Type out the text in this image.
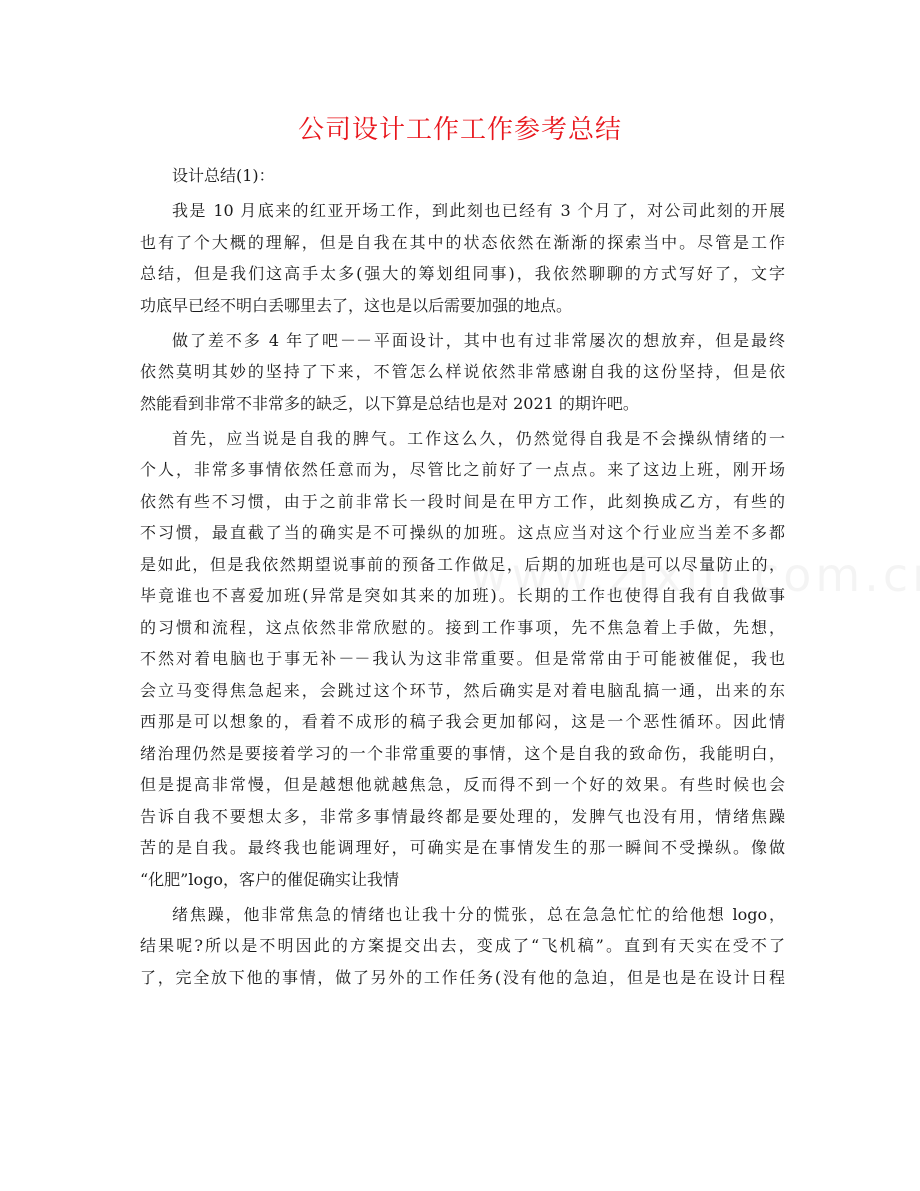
公司设计工作工作参考总结
设计总结(1)：
我是 10 月底来的红亚开场工作，到此刻也已经有 3 个月了，对公司此刻的开展
也有了个大概的理解，但是自我在其中的状态依然在渐渐的探索当中。尽管是工作
总结，但是我们这高手太多(强大的筹划组同事)，我依然聊聊的方式写好了，文字
功底早已经不明白丢哪里去了，这也是以后需要加强的地点。
做了差不多 4 年了吧－－平面设计，其中也有过非常屡次的想放弃，但是最终
依然莫明其妙的坚持了下来，不管怎么样说依然非常感谢自我的这份坚持，但是依
然能看到非常不非常多的缺乏，以下算是总结也是对 2021 的期许吧。
首先，应当说是自我的脾气。工作这么久，仍然觉得自我是不会操纵情绪的一
个人，非常多事情依然任意而为，尽管比之前好了一点点。来了这边上班，刚开场
依然有些不习惯，由于之前非常长一段时间是在甲方工作，此刻换成乙方，有些的
不习惯，最直截了当的确实是不可操纵的加班。这点应当对这个行业应当差不多都
是如此，但是我依然期望说事前的预备工作做足，后期的加班也是可以尽量防止的，
毕竟谁也不喜爱加班(异常是突如其来的加班)。长期的工作也使得自我有自我做事
的习惯和流程，这点依然非常欣慰的。接到工作事项，先不焦急着上手做，先想，
不然对着电脑也于事无补－－我认为这非常重要。但是常常由于可能被催促，我也
会立马变得焦急起来，会跳过这个环节，然后确实是对着电脑乱搞一通，出来的东
西那是可以想象的，看着不成形的稿子我会更加郁闷，这是一个恶性循环。因此情
绪治理仍然是要接着学习的一个非常重要的事情，这个是自我的致命伤，我能明白，
但是提高非常慢，但是越想他就越焦急，反而得不到一个好的效果。有些时候也会
告诉自我不要想太多，非常多事情最终都是要处理的，发脾气也没有用，情绪焦躁
苦的是自我。最终我也能调理好，可确实是在事情发生的那一瞬间不受操纵。像做
“化肥”logo，客户的催促确实让我情
绪焦躁，他非常焦急的情绪也让我十分的慌张，总在急急忙忙的给他想 logo，
结果呢?所以是不明因此的方案提交出去，变成了“飞机稿”。直到有天实在受不了
了，完全放下他的事情，做了另外的工作任务(没有他的急迫，但是也是在设计日程
